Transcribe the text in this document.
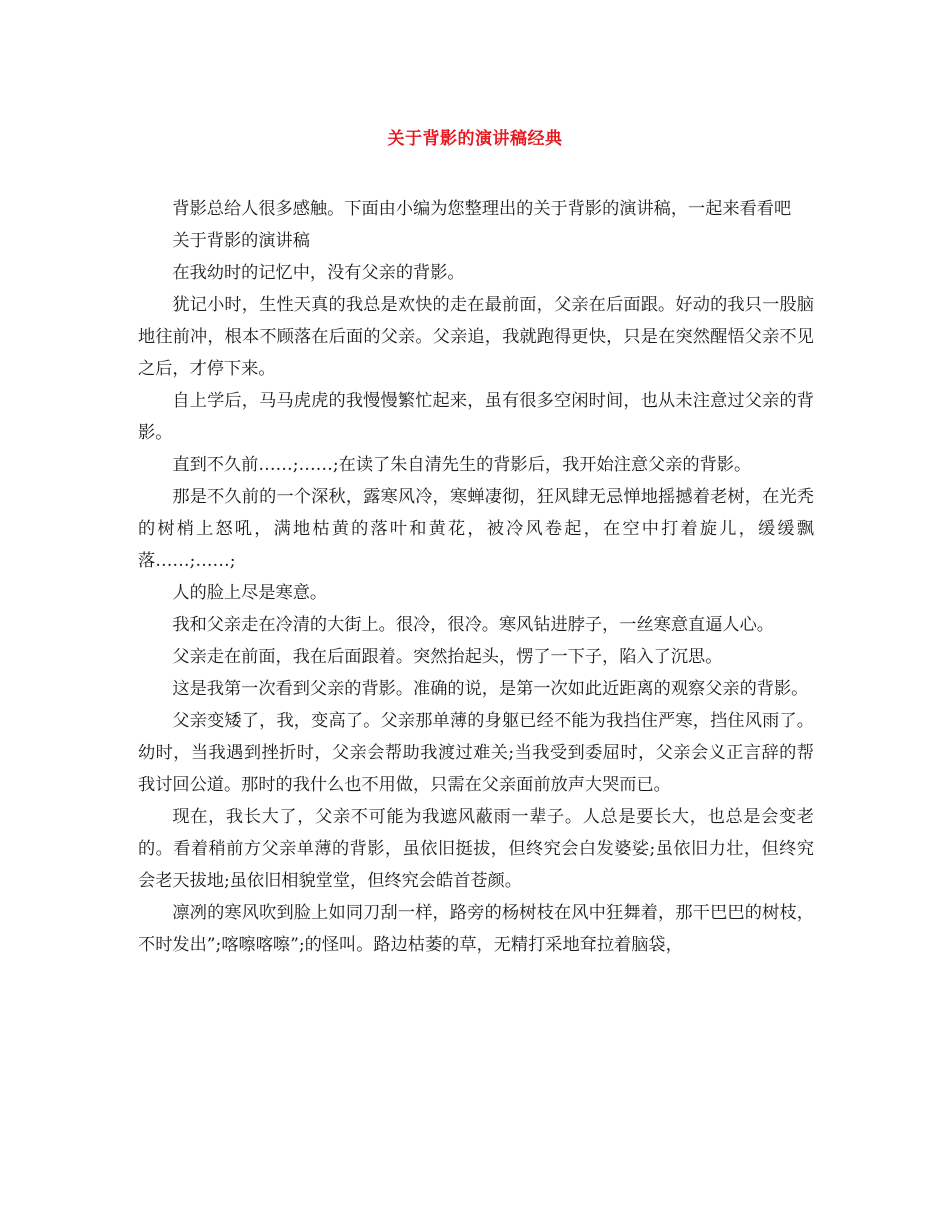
关于背影的演讲稿经典

背影总给人很多感触。下面由小编为您整理出的关于背影的演讲稿，一起来看看吧

关于背影的演讲稿

在我幼时的记忆中，没有父亲的背影。

犹记小时，生性天真的我总是欢快的走在最前面，父亲在后面跟。好动的我只一股脑地往前冲，根本不顾落在后面的父亲。父亲追，我就跑得更快，只是在突然醒悟父亲不见之后，才停下来。

自上学后，马马虎虎的我慢慢繁忙起来，虽有很多空闲时间，也从未注意过父亲的背影。

直到不久前……;……;在读了朱自清先生的背影后，我开始注意父亲的背影。

那是不久前的一个深秋，露寒风冷，寒蝉凄彻，狂风肆无忌惮地摇撼着老树，在光秃的树梢上怒吼，满地枯黄的落叶和黄花，被冷风卷起，在空中打着旋儿，缓缓飘落……;……;

人的脸上尽是寒意。

我和父亲走在冷清的大街上。很冷，很冷。寒风钻进脖子，一丝寒意直逼人心。

父亲走在前面，我在后面跟着。突然抬起头，愣了一下子，陷入了沉思。

这是我第一次看到父亲的背影。准确的说，是第一次如此近距离的观察父亲的背影。

父亲变矮了，我，变高了。父亲那单薄的身躯已经不能为我挡住严寒，挡住风雨了。幼时，当我遇到挫折时，父亲会帮助我渡过难关;当我受到委屈时，父亲会义正言辞的帮我讨回公道。那时的我什么也不用做，只需在父亲面前放声大哭而已。

现在，我长大了，父亲不可能为我遮风蔽雨一辈子。人总是要长大，也总是会变老的。看着稍前方父亲单薄的背影，虽依旧挺拔，但终究会白发婆娑;虽依旧力壮，但终究会老天拔地;虽依旧相貌堂堂，但终究会皓首苍颜。

凛冽的寒风吹到脸上如同刀刮一样，路旁的杨树枝在风中狂舞着，那干巴巴的树枝，不时发出”;喀嚓喀嚓”;的怪叫。路边枯萎的草，无精打采地耷拉着脑袋，
